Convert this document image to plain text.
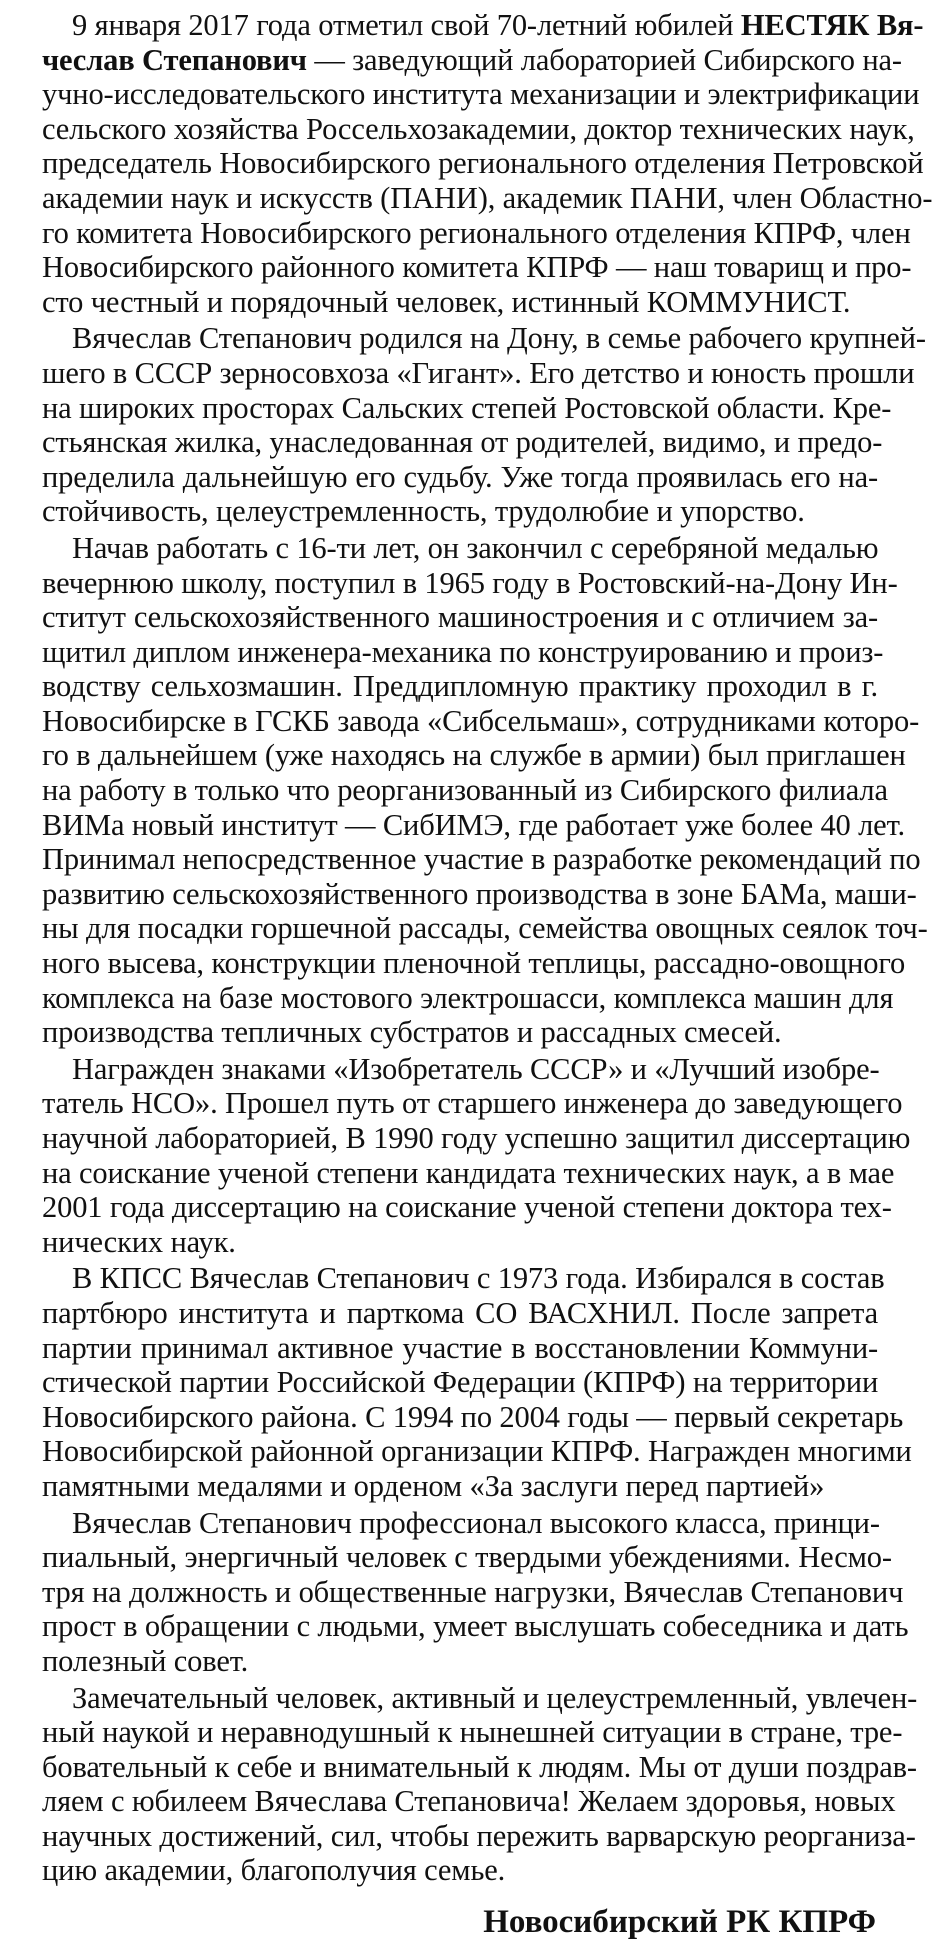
9 января 2017 года отметил свой 70-летний юбилей НЕСТЯК Вя-
чеслав Степанович — заведующий лабораторией Сибирского на-
учно-исследовательского института механизации и электрификации
сельского хозяйства Россельхозакадемии, доктор технических наук,
председатель Новосибирского регионального отделения Петровской
академии наук и искусств (ПАНИ), академик ПАНИ, член Областно-
го комитета Новосибирского регионального отделения КПРФ, член
Новосибирского районного комитета КПРФ — наш товарищ и про-
сто честный и порядочный человек, истинный КОММУНИСТ.
Вячеслав Степанович родился на Дону, в семье рабочего крупней-
шего в СССР зерносовхоза «Гигант». Его детство и юность прошли
на широких просторах Сальских степей Ростовской области. Кре-
стьянская жилка, унаследованная от родителей, видимо, и предо-
пределила дальнейшую его судьбу. Уже тогда проявилась его на-
стойчивость, целеустремленность, трудолюбие и упорство.
Начав работать с 16-ти лет, он закончил с серебряной медалью
вечернюю школу, поступил в 1965 году в Ростовский-на-Дону Ин-
ститут сельскохозяйственного машиностроения и с отличием за-
щитил диплом инженера-механика по конструированию и произ-
водству сельхозмашин. Преддипломную практику проходил в г.
Новосибирске в ГСКБ завода «Сибсельмаш», сотрудниками которо-
го в дальнейшем (уже находясь на службе в армии) был приглашен
на работу в только что реорганизованный из Сибирского филиала
ВИМа новый институт — СибИМЭ, где работает уже более 40 лет.
Принимал непосредственное участие в разработке рекомендаций по
развитию сельскохозяйственного производства в зоне БАМа, маши-
ны для посадки горшечной рассады, семейства овощных сеялок точ-
ного высева, конструкции пленочной теплицы, рассадно-овощного
комплекса на базе мостового электрошасси, комплекса машин для
производства тепличных субстратов и рассадных смесей.
Награжден знаками «Изобретатель СССР» и «Лучший изобре-
татель НСО». Прошел путь от старшего инженера до заведующего
научной лабораторией, В 1990 году успешно защитил диссертацию
на соискание ученой степени кандидата технических наук, а в мае
2001 года диссертацию на соискание ученой степени доктора тех-
нических наук.
В КПСС Вячеслав Степанович с 1973 года. Избирался в состав
партбюро института и парткома СО ВАСХНИЛ. После запрета
партии принимал активное участие в восстановлении Коммуни-
стической партии Российской Федерации (КПРФ) на территории
Новосибирского района. С 1994 по 2004 годы — первый секретарь
Новосибирской районной организации КПРФ. Награжден многими
памятными медалями и орденом «За заслуги перед партией»
Вячеслав Степанович профессионал высокого класса, принци-
пиальный, энергичный человек с твердыми убеждениями. Несмо-
тря на должность и общественные нагрузки, Вячеслав Степанович
прост в обращении с людьми, умеет выслушать собеседника и дать
полезный совет.
Замечательный человек, активный и целеустремленный, увлечен-
ный наукой и неравнодушный к нынешней ситуации в стране, тре-
бовательный к себе и внимательный к людям. Мы от души поздрав-
ляем с юбилеем Вячеслава Степановича! Желаем здоровья, новых
научных достижений, сил, чтобы пережить варварскую реорганиза-
цию академии, благополучия семье.
Новосибирский РК КПРФ
